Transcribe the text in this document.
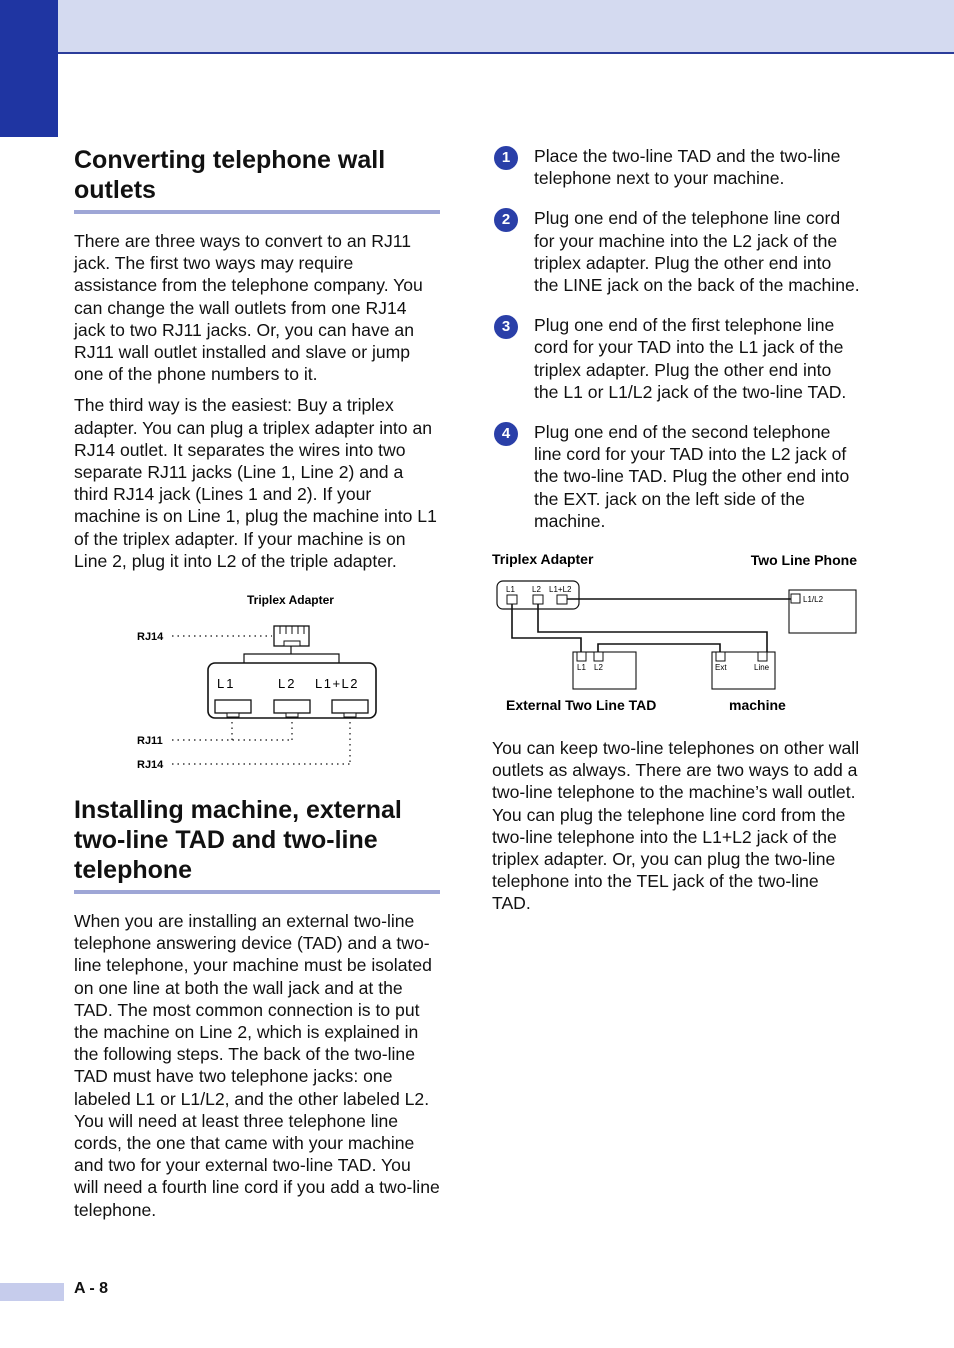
Converting telephone wall outlets

There are three ways to convert to an RJ11 jack. The first two ways may require assistance from the telephone company. You can change the wall outlets from one RJ14 jack to two RJ11 jacks. Or, you can have an RJ11 wall outlet installed and slave or jump one of the phone numbers to it.

The third way is the easiest: Buy a triplex adapter. You can plug a triplex adapter into an RJ14 outlet. It separates the wires into two separate RJ11 jacks (Line 1, Line 2) and a third RJ14 jack (Lines 1 and 2). If your machine is on Line 1, plug the machine into L1 of the triplex adapter. If your machine is on Line 2, plug it into L2 of the triple adapter.

Triplex Adapter
RJ14
RJ11
RJ14
L1	L2 L1+L2
Installing machine, external two-line TAD and two-line telephone

When you are installing an external two-line telephone answering device (TAD) and a two-line telephone, your machine must be isolated on one line at both the wall jack and at the TAD. The most common connection is to put the machine on Line 2, which is explained in the following steps. The back of the two-line TAD must have two telephone jacks: one labeled L1 or L1/L2, and the other labeled L2. You will need at least three telephone line cords, the one that came with your machine and two for your external two-line TAD. You will need a fourth line cord if you add a two-line telephone.

1	Place the two-line TAD and the two-line telephone next to your machine.
2	Plug one end of the telephone line cord for your machine into the L2 jack of the triplex adapter. Plug the other end into the LINE jack on the back of the machine.
3	Plug one end of the first telephone line cord for your TAD into the L1 jack of the triplex adapter. Plug the other end into the L1 or L1/L2 jack of the two-line TAD.
4	Plug one end of the second telephone line cord for your TAD into the L2 jack of the two-line TAD. Plug the other end into the EXT. jack on the left side of the machine.
Triplex Adapter	Two Line Phone
External Two Line TAD	machine
L1 L2 L1+L2
L1/L2
L1 L2	Ext	Line

You can keep two-line telephones on other wall outlets as always. There are two ways to add a two-line telephone to the machine’s wall outlet. You can plug the telephone line cord from the two-line telephone into the L1+L2 jack of the triplex adapter. Or, you can plug the two-line telephone into the TEL jack of the two-line TAD.

A - 8
